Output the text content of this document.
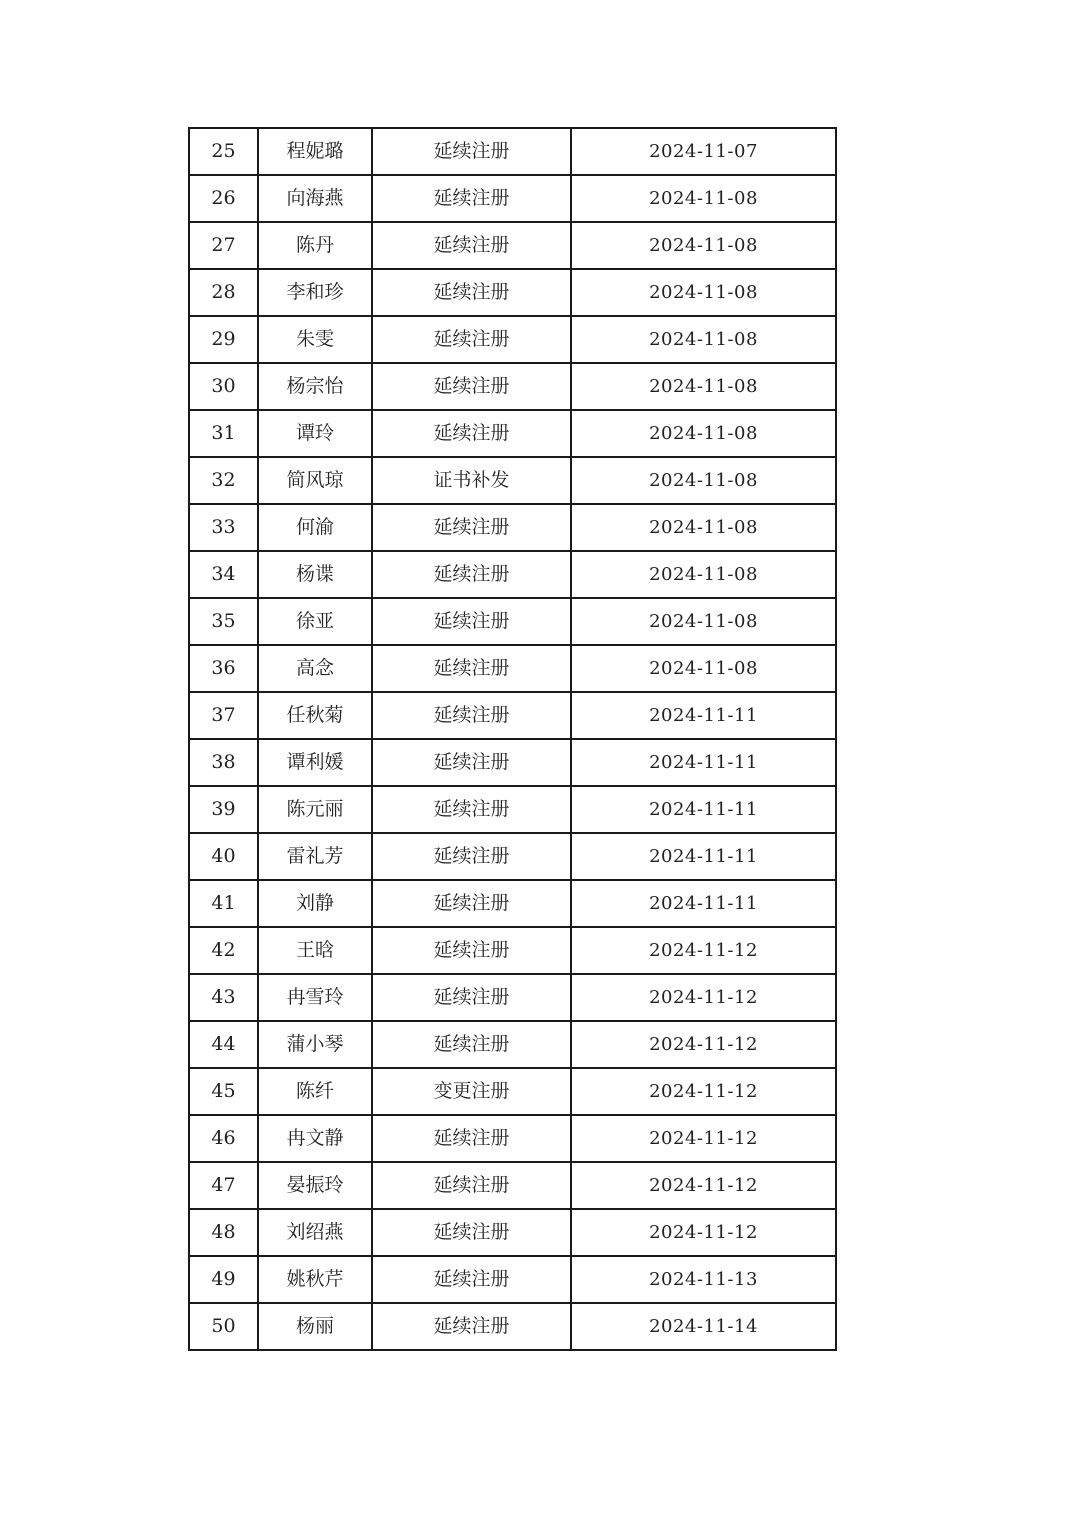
25	程妮璐	延续注册	2024-11-07
26	向海燕	延续注册	2024-11-08
27	陈丹	延续注册	2024-11-08
28	李和珍	延续注册	2024-11-08
29	朱雯	延续注册	2024-11-08
30	杨宗怡	延续注册	2024-11-08
31	谭玲	延续注册	2024-11-08
32	简风琼	证书补发	2024-11-08
33	何渝	延续注册	2024-11-08
34	杨谍	延续注册	2024-11-08
35	徐亚	延续注册	2024-11-08
36	高念	延续注册	2024-11-08
37	任秋菊	延续注册	2024-11-11
38	谭利媛	延续注册	2024-11-11
39	陈元丽	延续注册	2024-11-11
40	雷礼芳	延续注册	2024-11-11
41	刘静	延续注册	2024-11-11
42	王晗	延续注册	2024-11-12
43	冉雪玲	延续注册	2024-11-12
44	蒲小琴	延续注册	2024-11-12
45	陈纤	变更注册	2024-11-12
46	冉文静	延续注册	2024-11-12
47	晏振玲	延续注册	2024-11-12
48	刘绍燕	延续注册	2024-11-12
49	姚秋芹	延续注册	2024-11-13
50	杨丽	延续注册	2024-11-14
